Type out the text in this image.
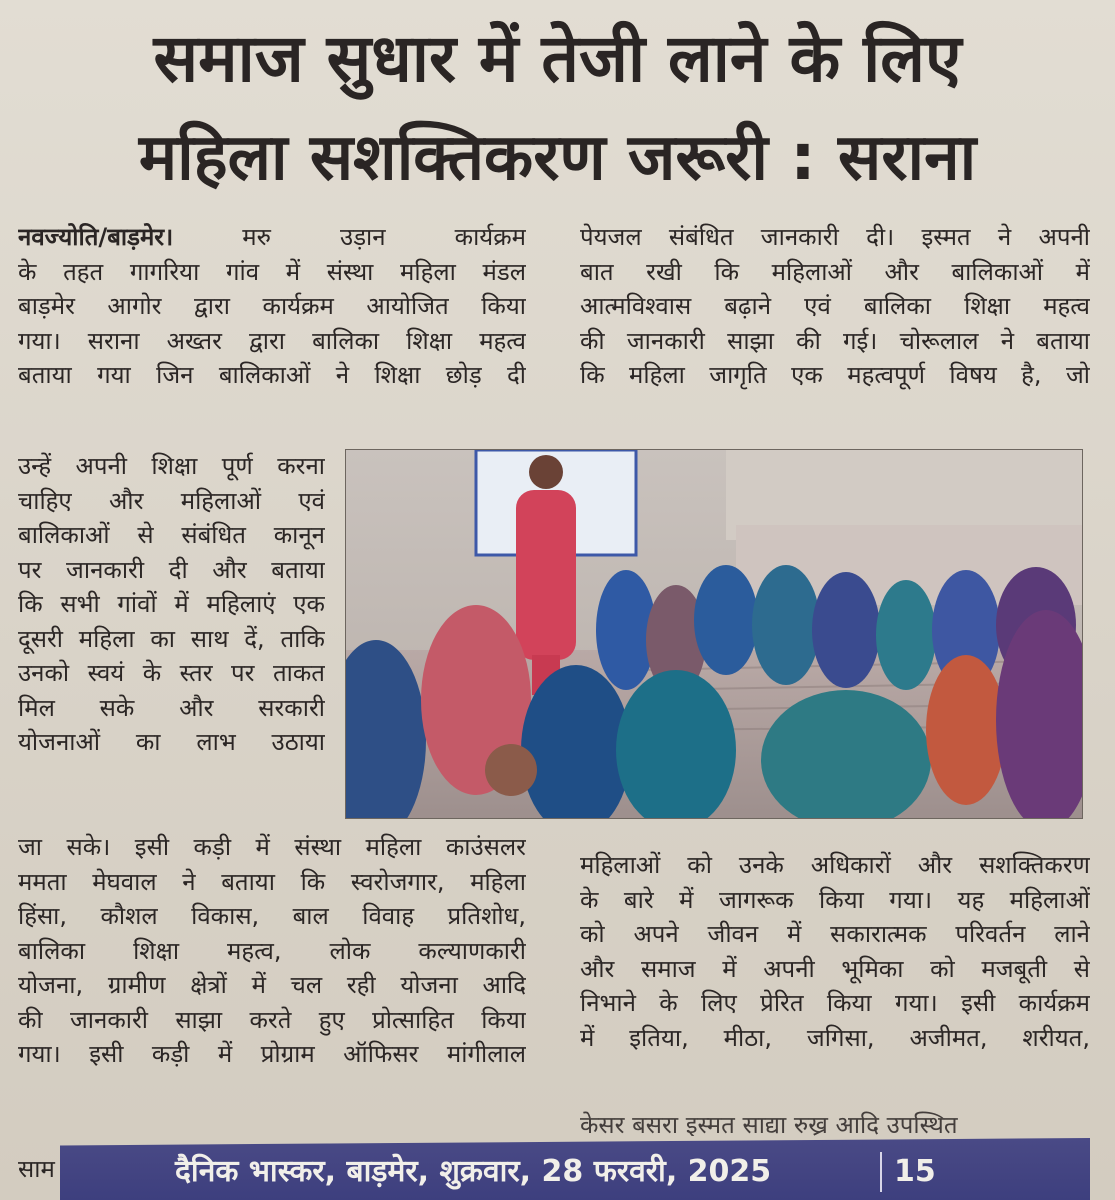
समाज सुधार में तेजी लाने के लिए
महिला सशक्तिकरण जरूरी : सराना
नवज्योति/बाड़मेर।	मरु उड़ान कार्यक्रम
के तहत गागरिया गांव में संस्था महिला मंडल
बाड़मेर आगोर द्वारा कार्यक्रम आयोजित किया
गया। सराना अख्तर द्वारा बालिका शिक्षा महत्व
बताया गया जिन बालिकाओं ने शिक्षा छोड़ दी
उन्हें अपनी शिक्षा पूर्ण करना
चाहिए और महिलाओं एवं
बालिकाओं से संबंधित कानून
पर जानकारी दी और बताया
कि सभी गांवों में महिलाएं एक
दूसरी महिला का साथ दें, ताकि
उनको स्वयं के स्तर पर ताकत
मिल सके और सरकारी
योजनाओं का लाभ उठाया
जा सके। इसी कड़ी में संस्था महिला काउंसलर
ममता मेघवाल ने बताया कि स्वरोजगार, महिला
हिंसा, कौशल विकास, बाल विवाह प्रतिशोध,
बालिका शिक्षा महत्व, लोक कल्याणकारी
योजना, ग्रामीण क्षेत्रों में चल रही योजना आदि
की जानकारी साझा करते हुए प्रोत्साहित किया
गया। इसी कड़ी में प्रोग्राम ऑफिसर मांगीलाल
पेयजल संबंधित जानकारी दी। इस्मत ने अपनी
बात रखी कि महिलाओं और बालिकाओं में
आत्मविश्वास बढ़ाने एवं बालिका शिक्षा महत्व
की जानकारी साझा की गई। चोरूलाल ने बताया
कि महिला जागृति एक महत्वपूर्ण विषय है, जो
महिलाओं को उनके अधिकारों और सशक्तिकरण
के बारे में जागरूक किया गया। यह महिलाओं
को अपने जीवन में सकारात्मक परिवर्तन लाने
और समाज में अपनी भूमिका को मजबूती से
निभाने के लिए प्रेरित किया गया। इसी कार्यक्रम
में इतिया, मीठा, जगिसा, अजीमत, शरीयत,
केसर बसरा इस्मत साद्या रुख्र आदि उपस्थित
साम	दैनिक भास्कर, बाड़मेर, शुक्रवार, 28 फरवरी, 2025	15
